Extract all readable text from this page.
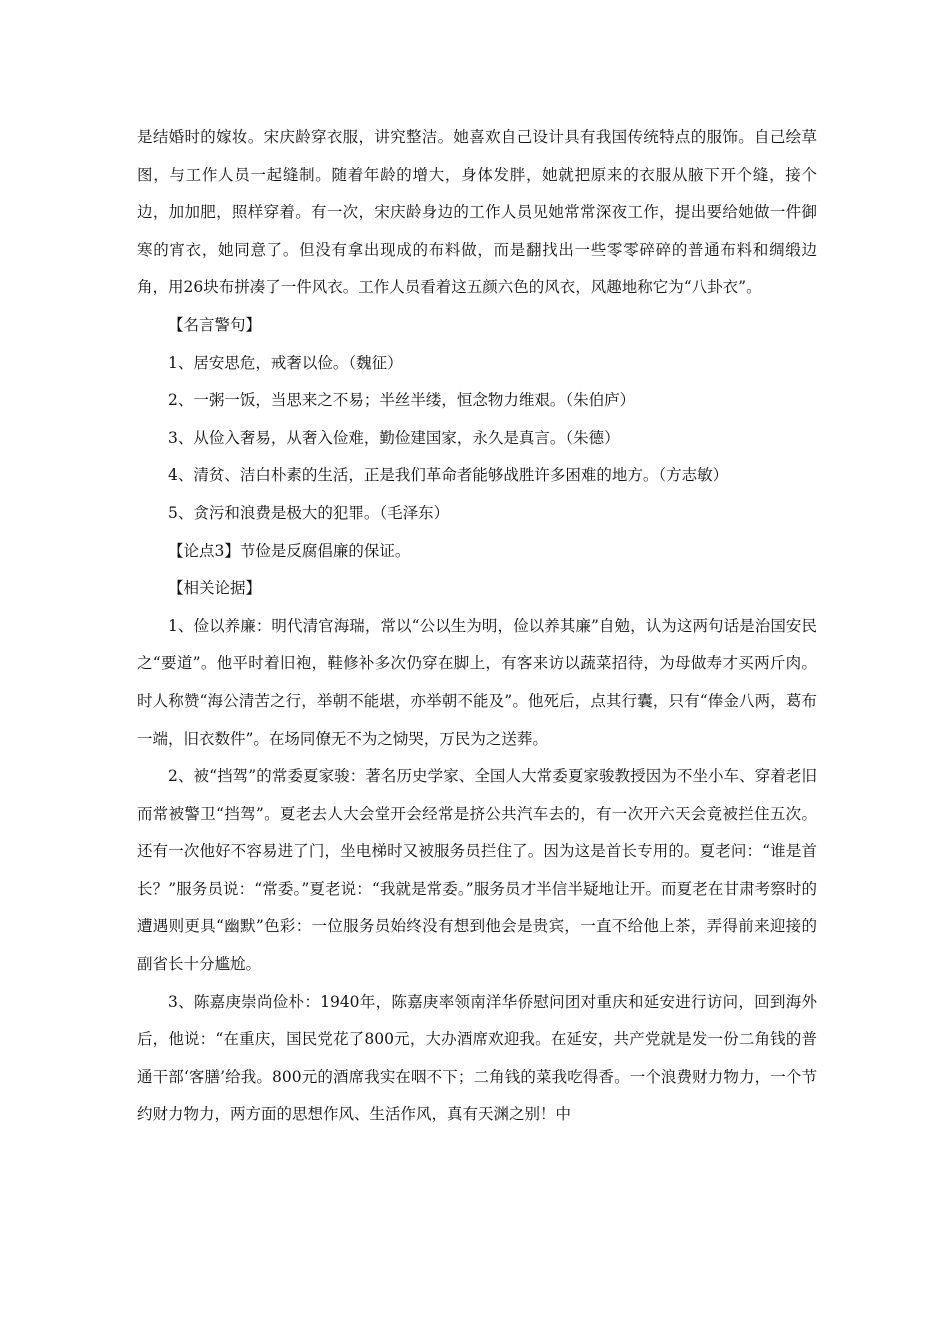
是结婚时的嫁妆。宋庆龄穿衣服，讲究整洁。她喜欢自己设计具有我国传统特点的服饰。自己绘草图，与工作人员一起缝制。随着年龄的增大，身体发胖，她就把原来的衣服从腋下开个缝，接个边，加加肥，照样穿着。有一次，宋庆龄身边的工作人员见她常常深夜工作，提出要给她做一件御寒的宵衣，她同意了。但没有拿出现成的布料做，而是翻找出一些零零碎碎的普通布料和绸缎边角，用26块布拼凑了一件风衣。工作人员看着这五颜六色的风衣，风趣地称它为“八卦衣”。

【名言警句】

1、居安思危，戒奢以俭。（魏征）

2、一粥一饭，当思来之不易；半丝半缕，恒念物力维艰。（朱伯庐）

3、从俭入奢易，从奢入俭难，勤俭建国家，永久是真言。（朱德）

4、清贫、洁白朴素的生活，正是我们革命者能够战胜许多困难的地方。（方志敏）

5、贪污和浪费是极大的犯罪。（毛泽东）

【论点3】节俭是反腐倡廉的保证。

【相关论据】

1、俭以养廉：明代清官海瑞，常以“公以生为明，俭以养其廉”自勉，认为这两句话是治国安民之“要道”。他平时着旧袍，鞋修补多次仍穿在脚上，有客来访以蔬菜招待，为母做寿才买两斤肉。时人称赞“海公清苦之行，举朝不能堪，亦举朝不能及”。他死后，点其行囊，只有“俸金八两，葛布一端，旧衣数件”。在场同僚无不为之恸哭，万民为之送葬。

2、被“挡驾”的常委夏家骏：著名历史学家、全国人大常委夏家骏教授因为不坐小车、穿着老旧而常被警卫“挡驾”。夏老去人大会堂开会经常是挤公共汽车去的，有一次开六天会竟被拦住五次。还有一次他好不容易进了门，坐电梯时又被服务员拦住了。因为这是首长专用的。夏老问：“谁是首长？”服务员说：“常委。”夏老说：“我就是常委。”服务员才半信半疑地让开。而夏老在甘肃考察时的遭遇则更具“幽默”色彩：一位服务员始终没有想到他会是贵宾，一直不给他上茶，弄得前来迎接的副省长十分尴尬。

3、陈嘉庚崇尚俭朴：1940年，陈嘉庚率领南洋华侨慰问团对重庆和延安进行访问，回到海外后，他说：“在重庆，国民党花了800元，大办酒席欢迎我。在延安，共产党就是发一份二角钱的普通干部‘客膳’给我。800元的酒席我实在咽不下；二角钱的菜我吃得香。一个浪费财力物力，一个节约财力物力，两方面的思想作风、生活作风，真有天渊之别！中
